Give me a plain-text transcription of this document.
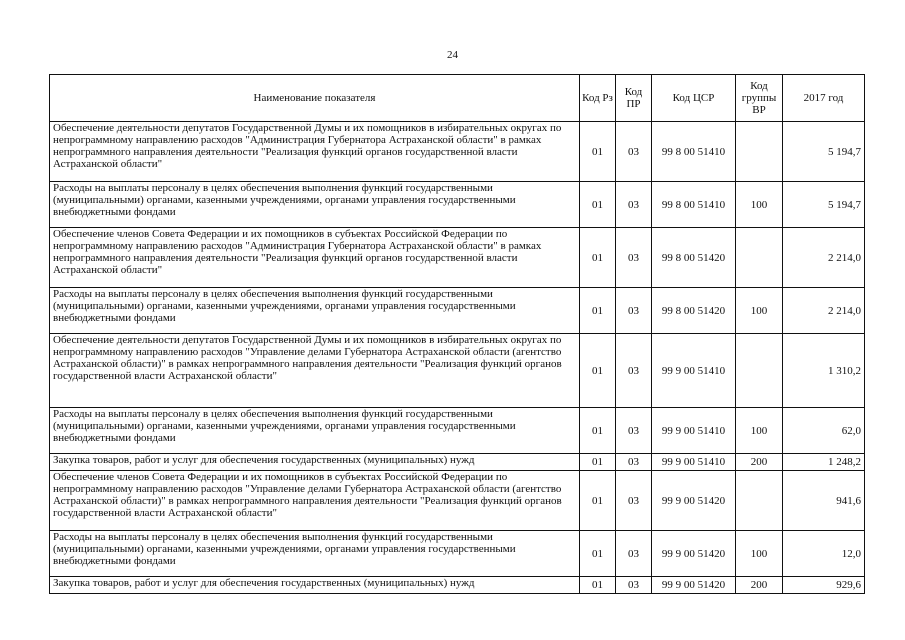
24
Наименование показателя	Код Рз	Код ПР	Код ЦСР	Код группы ВР	2017 год
Обеспечение деятельности депутатов Государственной Думы и их помощников в избирательных округах по непрограммному направлению расходов "Администрация Губернатора Астраханской области" в рамках непрограммного направления деятельности "Реализация функций органов государственной власти Астраханской области"	01	03	99 8 00 51410		5 194,7
Расходы на выплаты персоналу в целях обеспечения выполнения функций государственными (муниципальными) органами, казенными учреждениями, органами управления государственными внебюджетными фондами	01	03	99 8 00 51410	100	5 194,7
Обеспечение членов Совета Федерации и их помощников в субъектах Российской Федерации по непрограммному направлению расходов "Администрация Губернатора Астраханской области" в рамках непрограммного направления деятельности "Реализация функций органов государственной власти Астраханской области"	01	03	99 8 00 51420		2 214,0
Расходы на выплаты персоналу в целях обеспечения выполнения функций государственными (муниципальными) органами, казенными учреждениями, органами управления государственными внебюджетными фондами	01	03	99 8 00 51420	100	2 214,0
Обеспечение деятельности депутатов Государственной Думы и их помощников в избирательных округах по непрограммному направлению расходов "Управление делами Губернатора Астраханской области (агентство Астраханской области)" в рамках непрограммного направления деятельности "Реализация функций органов государственной власти Астраханской области"	01	03	99 9 00 51410		1 310,2
Расходы на выплаты персоналу в целях обеспечения выполнения функций государственными (муниципальными) органами, казенными учреждениями, органами управления государственными внебюджетными фондами	01	03	99 9 00 51410	100	62,0
Закупка товаров, работ и услуг для обеспечения государственных (муниципальных) нужд	01	03	99 9 00 51410	200	1 248,2
Обеспечение членов Совета Федерации и их помощников в субъектах Российской Федерации по непрограммному направлению расходов "Управление делами Губернатора Астраханской области (агентство Астраханской области)" в рамках непрограммного направления деятельности "Реализация функций органов государственной власти Астраханской области"	01	03	99 9 00 51420		941,6
Расходы на выплаты персоналу в целях обеспечения выполнения функций государственными (муниципальными) органами, казенными учреждениями, органами управления государственными внебюджетными фондами	01	03	99 9 00 51420	100	12,0
Закупка товаров, работ и услуг для обеспечения государственных (муниципальных) нужд	01	03	99 9 00 51420	200	929,6
